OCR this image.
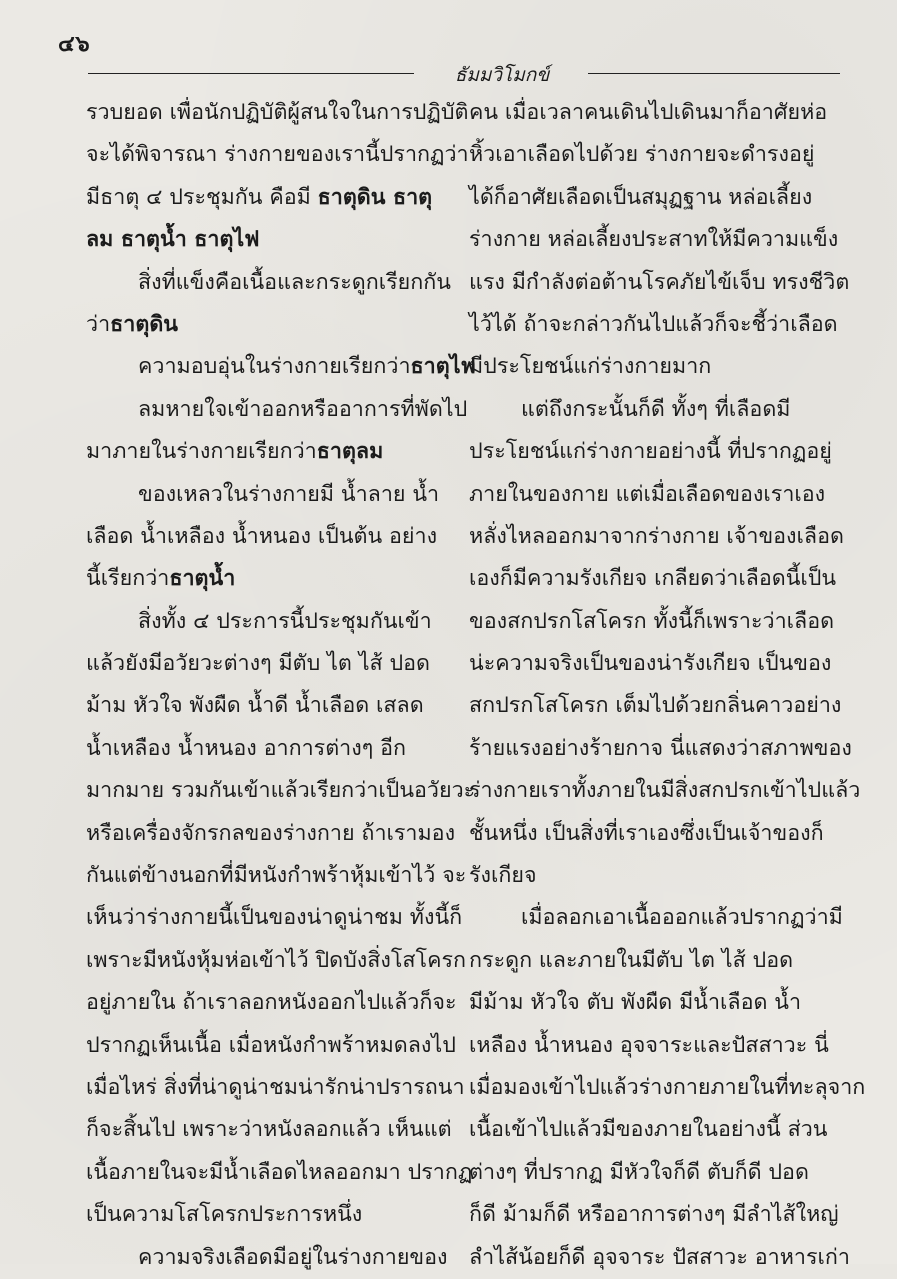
๔๖
ธัมมวิโมกข์
รวบยอด เพื่อนักปฏิบัติผู้สนใจในการปฏิบัติ
จะได้พิจารณา ร่างกายของเรานี้ปรากฏว่า
มีธาตุ ๔ ประชุมกัน คือมี ธาตุดิน ธาตุ
ลม ธาตุน้ำ ธาตุไฟ
สิ่งที่แข็งคือเนื้อและกระดูกเรียกกัน
ว่าธาตุดิน
ความอบอุ่นในร่างกายเรียกว่าธาตุไฟ
ลมหายใจเข้าออกหรืออาการที่พัดไป
มาภายในร่างกายเรียกว่าธาตุลม
ของเหลวในร่างกายมี น้ำลาย น้ำ
เลือด น้ำเหลือง น้ำหนอง เป็นต้น อย่าง
นี้เรียกว่าธาตุน้ำ
สิ่งทั้ง ๔ ประการนี้ประชุมกันเข้า
แล้วยังมีอวัยวะต่างๆ มีตับ ไต ไส้ ปอด
ม้าม หัวใจ พังผืด น้ำดี น้ำเลือด เสลด
น้ำเหลือง น้ำหนอง อาการต่างๆ อีก
มากมาย รวมกันเข้าแล้วเรียกว่าเป็นอวัยวะ
หรือเครื่องจักรกลของร่างกาย ถ้าเรามอง
กันแต่ข้างนอกที่มีหนังกำพร้าหุ้มเข้าไว้ จะ
เห็นว่าร่างกายนี้เป็นของน่าดูน่าชม ทั้งนี้ก็
เพราะมีหนังหุ้มห่อเข้าไว้ ปิดบังสิ่งโสโครก
อยู่ภายใน ถ้าเราลอกหนังออกไปแล้วก็จะ
ปรากฏเห็นเนื้อ เมื่อหนังกำพร้าหมดลงไป
เมื่อไหร่ สิ่งที่น่าดูน่าชมน่ารักน่าปรารถนา
ก็จะสิ้นไป เพราะว่าหนังลอกแล้ว เห็นแต่
เนื้อภายในจะมีน้ำเลือดไหลออกมา ปรากฏ
เป็นความโสโครกประการหนึ่ง
ความจริงเลือดมีอยู่ในร่างกายของ
คน เมื่อเวลาคนเดินไปเดินมาก็อาศัยห่อ
หิ้วเอาเลือดไปด้วย ร่างกายจะดำรงอยู่
ได้ก็อาศัยเลือดเป็นสมุฏฐาน หล่อเลี้ยง
ร่างกาย หล่อเลี้ยงประสาทให้มีความแข็ง
แรง มีกำลังต่อต้านโรคภัยไข้เจ็บ ทรงชีวิต
ไว้ได้ ถ้าจะกล่าวกันไปแล้วก็จะชี้ว่าเลือด
มีประโยชน์แก่ร่างกายมาก
แต่ถึงกระนั้นก็ดี ทั้งๆ ที่เลือดมี
ประโยชน์แก่ร่างกายอย่างนี้ ที่ปรากฏอยู่
ภายในของกาย แต่เมื่อเลือดของเราเอง
หลั่งไหลออกมาจากร่างกาย เจ้าของเลือด
เองก็มีความรังเกียจ เกลียดว่าเลือดนี้เป็น
ของสกปรกโสโครก ทั้งนี้ก็เพราะว่าเลือด
น่ะความจริงเป็นของน่ารังเกียจ เป็นของ
สกปรกโสโครก เต็มไปด้วยกลิ่นคาวอย่าง
ร้ายแรงอย่างร้ายกาจ นี่แสดงว่าสภาพของ
ร่างกายเราทั้งภายในมีสิ่งสกปรกเข้าไปแล้ว
ชั้นหนึ่ง เป็นสิ่งที่เราเองซึ่งเป็นเจ้าของก็
รังเกียจ
เมื่อลอกเอาเนื้อออกแล้วปรากฏว่ามี
กระดูก และภายในมีตับ ไต ไส้ ปอด
มีม้าม หัวใจ ตับ พังผืด มีน้ำเลือด น้ำ
เหลือง น้ำหนอง อุจจาระและปัสสาวะ นี่
เมื่อมองเข้าไปแล้วร่างกายภายในที่ทะลุจาก
เนื้อเข้าไปแล้วมีของภายในอย่างนี้ ส่วน
ต่างๆ ที่ปรากฏ มีหัวใจก็ดี ตับก็ดี ปอด
ก็ดี ม้ามก็ดี หรืออาการต่างๆ มีลำไส้ใหญ่
ลำไส้น้อยก็ดี อุจจาระ ปัสสาวะ อาหารเก่า
